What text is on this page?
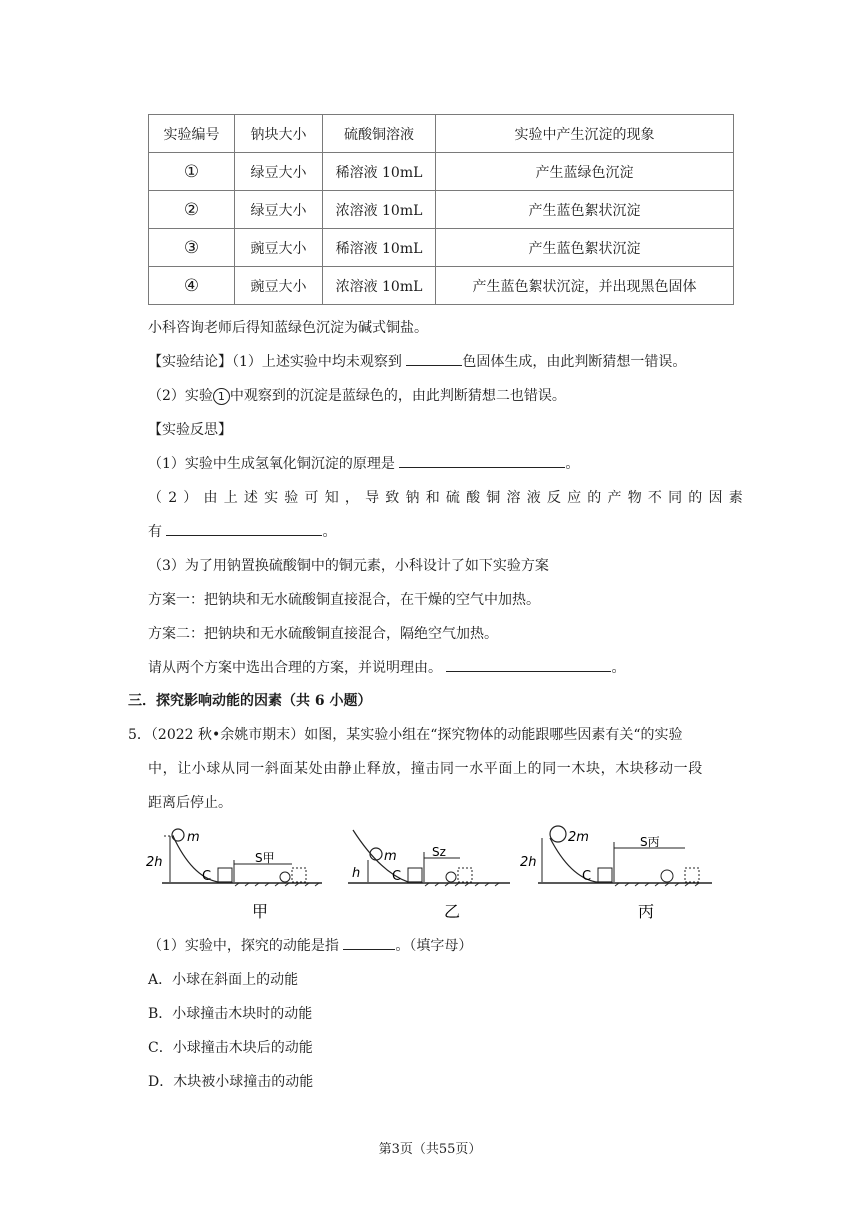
实验编号	钠块大小	硫酸铜溶液	实验中产生沉淀的现象
①	绿豆大小	稀溶液 10mL	产生蓝绿色沉淀
②	绿豆大小	浓溶液 10mL	产生蓝色絮状沉淀
③	豌豆大小	稀溶液 10mL	产生蓝色絮状沉淀
④	豌豆大小	浓溶液 10mL	产生蓝色絮状沉淀，并出现黑色固体
小科咨询老师后得知蓝绿色沉淀为碱式铜盐。
【实验结论】（1）上述实验中均未观察到	色固体生成，由此判断猜想一错误。
（2）实验 1 中观察到的沉淀是蓝绿色的，由此判断猜想二也错误。
【实验反思】
（1）实验中生成氢氧化铜沉淀的原理是	。
（2）由上述实验可知，导致钠和硫酸铜溶液反应的产物不同的因素
有	。
（3）为了用钠置换硫酸铜中的铜元素，小科设计了如下实验方案
方案一：把钠块和无水硫酸铜直接混合，在干燥的空气中加热。
方案二：把钠块和无水硫酸铜直接混合，隔绝空气加热。
请从两个方案中选出合理的方案，并说明理由。	。
三．探究影响动能的因素（共 6 小题）
5．（2022 秋•余姚市期末）如图，某实验小组在“探究物体的动能跟哪些因素有关“的实验
中，让小球从同一斜面某处由静止释放，撞击同一水平面上的同一木块，木块移动一段
距离后停止。
m
2h
C
S甲
甲
m
h C
Sz
乙
2m
2h
C
S丙
丙
（1）实验中，探究的动能是指	。（填字母）
A．小球在斜面上的动能
B．小球撞击木块时的动能
C．小球撞击木块后的动能
D．木块被小球撞击的动能
第3页（共55页）
